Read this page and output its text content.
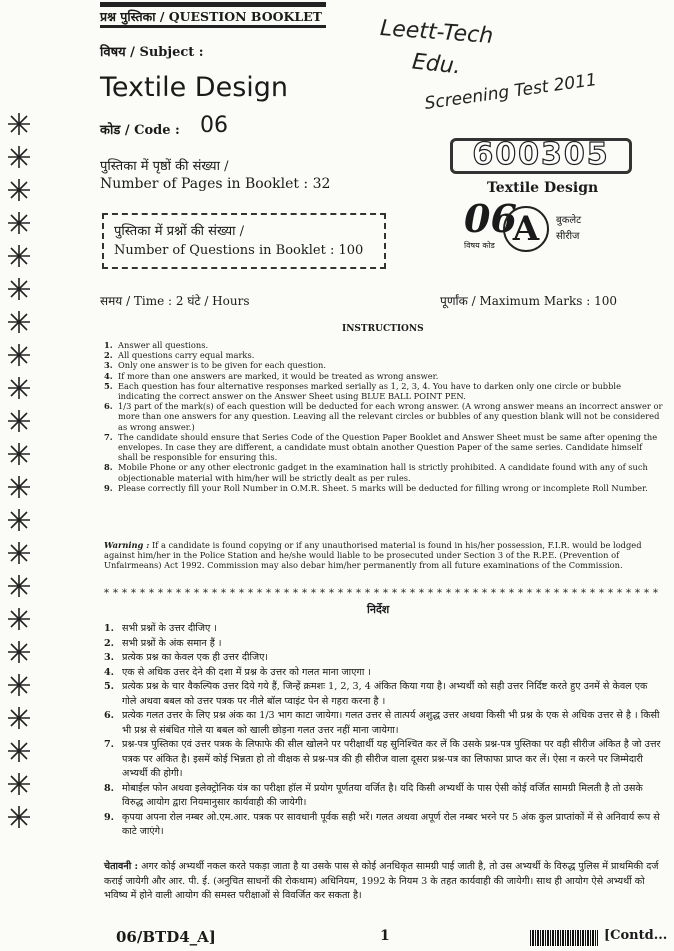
प्रश्न पुस्तिका / QUESTION BOOKLET
विषय / Subject :
Textile Design
कोड / Code : 06
पुस्तिका में पृष्ठों की संख्या /
Number of Pages in Booklet : 32
पुस्तिका में प्रश्नों की संख्या /
Number of Questions in Booklet : 100
Leett-Tech
Edu.
Screening Test 2011
600305
Textile Design
06
विषय कोड A	बुकलेट
सीरीज
समय / Time : 2 घंटे / Hours	पूर्णांक / Maximum Marks : 100
INSTRUCTIONS
1. Answer all questions.
2. All questions carry equal marks.
3. Only one answer is to be given for each question.
4. If more than one answers are marked, it would be treated as wrong answer.
5. Each question has four alternative responses marked serially as 1, 2, 3, 4. You have to darken only one circle or bubble indicating the correct answer on the Answer Sheet using BLUE BALL POINT PEN.
6. 1/3 part of the mark(s) of each question will be deducted for each wrong answer. (A wrong answer means an incorrect answer or more than one answers for any question. Leaving all the relevant circles or bubbles of any question blank will not be considered as wrong answer.)
7. The candidate should ensure that Series Code of the Question Paper Booklet and Answer Sheet must be same after opening the envelopes. In case they are different, a candidate must obtain another Question Paper of the same series. Candidate himself shall be responsible for ensuring this.
8. Mobile Phone or any other electronic gadget in the examination hall is strictly prohibited. A candidate found with any of such objectionable material with him/her will be strictly dealt as per rules.
9. Please correctly fill your Roll Number in O.M.R. Sheet. 5 marks will be deducted for filling wrong or incomplete Roll Number.
Warning : If a candidate is found copying or if any unauthorised material is found in his/her possession, F.I.R. would be lodged against him/her in the Police Station and he/she would liable to be prosecuted under Section 3 of the R.P.E. (Prevention of Unfairmeans) Act 1992. Commission may also debar him/her permanently from all future examinations of the Commission.
**************************************************************
निर्देश
1. सभी प्रश्नों के उत्तर दीजिए ।
2. सभी प्रश्नों के अंक समान हैं ।
3. प्रत्येक प्रश्न का केवल एक ही उत्तर दीजिए।
4. एक से अधिक उत्तर देने की दशा में प्रश्न के उत्तर को गलत माना जाएगा ।
5. प्रत्येक प्रश्न के चार वैकल्पिक उत्तर दिये गये हैं, जिन्हें क्रमशः 1, 2, 3, 4 अंकित किया गया है। अभ्यर्थी को सही उत्तर निर्दिष्ट करते हुए उनमें से केवल एक गोले अथवा बबल को उत्तर पत्रक पर नीले बॉल प्वाइंट पेन से गहरा करना है ।
6. प्रत्येक गलत उत्तर के लिए प्रश्न अंक का 1/3 भाग काटा जायेगा। गलत उत्तर से तात्पर्य अशुद्ध उत्तर अथवा किसी भी प्रश्न के एक से अधिक उत्तर से है । किसी भी प्रश्न से संबंधित गोले या बबल को खाली छोड़ना गलत उत्तर नहीं माना जायेगा।
7. प्रश्न-पत्र पुस्तिका एवं उत्तर पत्रक के लिफाफे की सील खोलने पर परीक्षार्थी यह सुनिश्चित कर लें कि उसके प्रश्न-पत्र पुस्तिका पर वही सीरीज अंकित है जो उत्तर पत्रक पर अंकित है। इसमें कोई भिन्नता हो तो वीक्षक से प्रश्न-पत्र की ही सीरीज वाला दूसरा प्रश्न-पत्र का लिफाफा प्राप्त कर लें। ऐसा न करने पर जिम्मेदारी अभ्यर्थी की होगी।
8. मोबाईल फोन अथवा इलेक्ट्रोनिक यंत्र का परीक्षा हॉल में प्रयोग पूर्णतया वर्जित है। यदि किसी अभ्यर्थी के पास ऐसी कोई वर्जित सामग्री मिलती है तो उसके विरुद्ध आयोग द्वारा नियमानुसार कार्यवाही की जायेगी।
9. कृपया अपना रोल नम्बर ओ.एम.आर. पत्रक पर सावधानी पूर्वक सही भरें। गलत अथवा अपूर्ण रोल नम्बर भरने पर 5 अंक कुल प्राप्तांकों में से अनिवार्य रूप से काटे जाएंगे।
चेतावनी : अगर कोई अभ्यर्थी नकल करते पकड़ा जाता है या उसके पास से कोई अनधिकृत सामग्री पाई जाती है, तो उस अभ्यर्थी के विरुद्ध पुलिस में प्राथमिकी दर्ज कराई जायेगी और आर. पी. ई. (अनुचित साधनों की रोकथाम) अधिनियम, 1992 के नियम 3 के तहत कार्यवाही की जायेगी। साथ ही आयोग ऐसे अभ्यर्थी को भविष्य में होने वाली आयोग की समस्त परीक्षाओं से विवर्जित कर सकता है।
06/BTD4_A]	1	[Contd...
